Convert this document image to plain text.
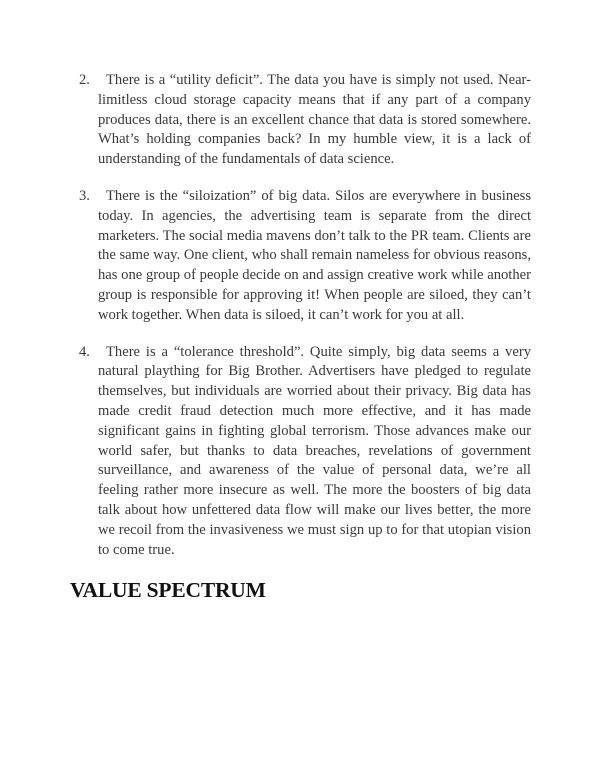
2.	There is a “utility deficit”. The data you have is simply not used. Near-limitless cloud storage capacity means that if any part of a company produces data, there is an excellent chance that data is stored somewhere. What’s holding companies back? In my humble view, it is a lack of understanding of the fundamentals of data science.
3.	There is the “siloization” of big data. Silos are everywhere in business today. In agencies, the advertising team is separate from the direct marketers. The social media mavens don’t talk to the PR team. Clients are the same way. One client, who shall remain nameless for obvious reasons, has one group of people decide on and assign creative work while another group is responsible for approving it! When people are siloed, they can’t work together. When data is siloed, it can’t work for you at all.
4.	There is a “tolerance threshold”. Quite simply, big data seems a very natural plaything for Big Brother. Advertisers have pledged to regulate themselves, but individuals are worried about their privacy. Big data has made credit fraud detection much more effective, and it has made significant gains in fighting global terrorism. Those advances make our world safer, but thanks to data breaches, revelations of government surveillance, and awareness of the value of personal data, we’re all feeling rather more insecure as well. The more the boosters of big data talk about how unfettered data flow will make our lives better, the more we recoil from the invasiveness we must sign up to for that utopian vision to come true.
VALUE SPECTRUM
